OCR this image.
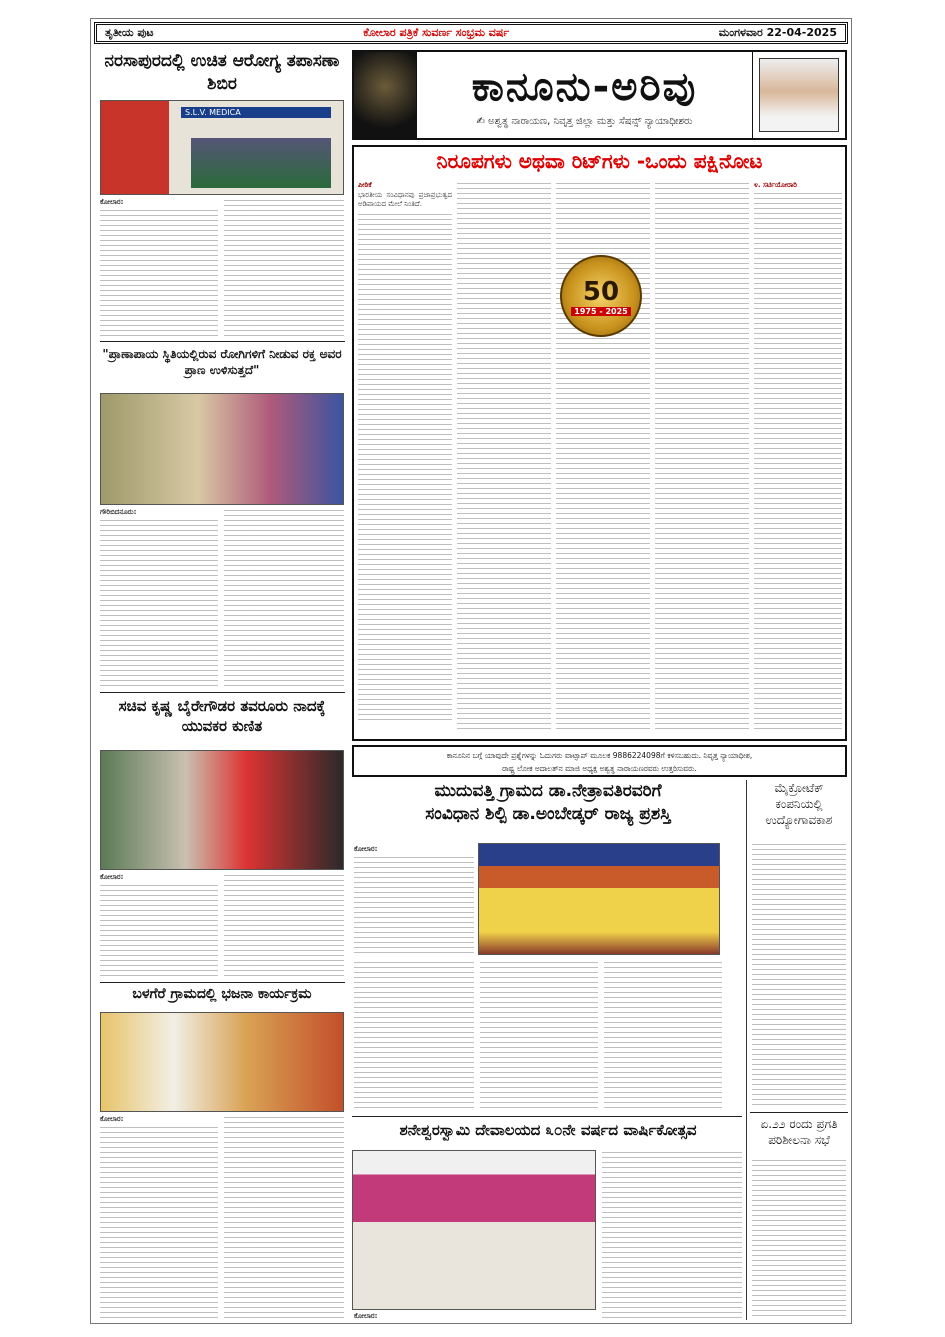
ತೃತೀಯ ಪುಟ	ಕೋಲಾರ ಪತ್ರಿಕೆ ಸುವರ್ಣ ಸಂಭ್ರಮ ವರ್ಷ	ಮಂಗಳವಾರ 22-04-2025
ನರಸಾಪುರದಲ್ಲಿ ಉಚಿತ ಆರೋಗ್ಯ ತಪಾಸಣಾ ಶಿಬಿರ
S.L.V. MEDICA
ಕೋಲಾರ:
"ಪ್ರಾಣಾಪಾಯ ಸ್ಥಿತಿಯಲ್ಲಿರುವ ರೋಗಿಗಳಿಗೆ ನೀಡುವ ರಕ್ತ ಅವರ ಪ್ರಾಣ ಉಳಿಸುತ್ತದೆ"
ಗೌರಿಬಿದನೂರು:
ಸಚಿವ ಕೃಷ್ಣ ಬೈರೇಗೌಡರ ತವರೂರು ನಾದಕ್ಕೆ ಯುವಕರ ಕುಣಿತ
ಕೋಲಾರ:
ಬಳಗೆರೆ ಗ್ರಾಮದಲ್ಲಿ ಭಜನಾ ಕಾರ್ಯಕ್ರಮ
ಕೋಲಾರ:
ಕಾನೂನು-ಅರಿವು
✍ ಅಶ್ವತ್ಥ ನಾರಾಯಣ, ನಿವೃತ್ತ ಜಿಲ್ಲಾ ಮತ್ತು ಸೆಷನ್ಸ್ ನ್ಯಾಯಾಧೀಶರು
ನಿರೂಪಗಳು ಅಥವಾ ರಿಟ್‌ಗಳು -ಒಂದು ಪಕ್ಷಿನೋಟ
ಪೀಠಿಕೆ
ಭಾರತೀಯ ಸಂವಿಧಾನವು ಪ್ರಜಾಪ್ರಭುತ್ವದ ಅಡಿಪಾಯದ ಮೇಲೆ ನಿಂತಿದೆ.
೪. ಸರ್ಟಿಯೋರಾರಿ
50
1975 - 2025
ಕಾನೂನಿನ ಬಗ್ಗೆ ಯಾವುದೇ ಪ್ರಶ್ನೆಗಳನ್ನು ಓದುಗರು ವಾಟ್ಸಾಪ್ ಮೂಲಕ 9886224098ಗೆ ಕಳಿಸಬಹುದು. ನಿವೃತ್ತ ನ್ಯಾಯಾಧೀಶ,
ರಾಷ್ಟ್ರ ಲೋಕ ಅದಾಲತ್‌ನ ಮಾಜಿ ಅಧ್ಯಕ್ಷ ಅಶ್ವತ್ಥ ನಾರಾಯಣರವರು ಉತ್ತರಿಸುವರು.
ಮುದುವತ್ತಿ ಗ್ರಾಮದ ಡಾ.ನೇತ್ರಾವತಿರವರಿಗೆ
ಸಂವಿಧಾನ ಶಿಲ್ಪಿ ಡಾ.ಅಂಬೇಡ್ಕರ್ ರಾಜ್ಯ ಪ್ರಶಸ್ತಿ
ಕೋಲಾರ:
ಶನೇಶ್ವರಸ್ವಾಮಿ ದೇವಾಲಯದ ೩೦ನೇ ವರ್ಷದ ವಾರ್ಷಿಕೋತ್ಸವ
ಕೋಲಾರ:
ಮೈಕ್ರೋಟೆಕ್ ಕಂಪನಿಯಲ್ಲಿ ಉದ್ಯೋಗಾವಕಾಶ
ಏ.೨೨ ರಂದು ಪ್ರಗತಿ ಪರಿಶೀಲನಾ ಸಭೆ
